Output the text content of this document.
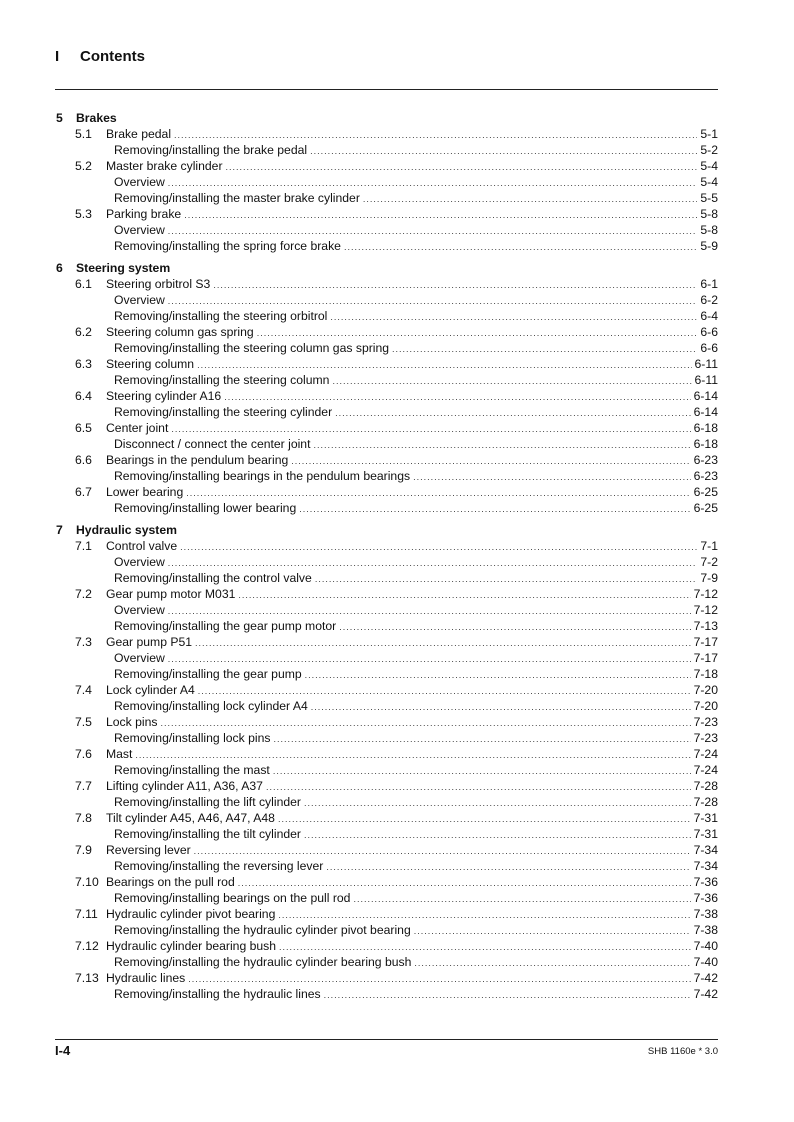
I Contents
5 Brakes
5.1	Brake pedal .....	5-1
Removing/installing the brake pedal .....	5-2
5.2	Master brake cylinder .....	5-4
Overview .....	5-4
Removing/installing the master brake cylinder .....	5-5
5.3	Parking brake .....	5-8
Overview .....	5-8
Removing/installing the spring force brake .....	5-9
6 Steering system
6.1	Steering orbitrol S3 .....	6-1
Overview .....	6-2
Removing/installing the steering orbitrol .....	6-4
6.2	Steering column gas spring .....	6-6
Removing/installing the steering column gas spring .....	6-6
6.3	Steering column .....	6-11
Removing/installing the steering column .....	6-11
6.4	Steering cylinder A16 .....	6-14
Removing/installing the steering cylinder .....	6-14
6.5	Center joint .....	6-18
Disconnect / connect the center joint .....	6-18
6.6	Bearings in the pendulum bearing .....	6-23
Removing/installing bearings in the pendulum bearings .....	6-23
6.7	Lower bearing .....	6-25
Removing/installing lower bearing .....	6-25
7 Hydraulic system
7.1	Control valve .....	7-1
Overview .....	7-2
Removing/installing the control valve .....	7-9
7.2	Gear pump motor M031 .....	7-12
Overview .....	7-12
Removing/installing the gear pump motor .....	7-13
7.3	Gear pump P51 .....	7-17
Overview .....	7-17
Removing/installing the gear pump .....	7-18
7.4	Lock cylinder A4 .....	7-20
Removing/installing lock cylinder A4 .....	7-20
7.5	Lock pins .....	7-23
Removing/installing lock pins .....	7-23
7.6	Mast .....	7-24
Removing/installing the mast .....	7-24
7.7	Lifting cylinder A11, A36, A37 .....	7-28
Removing/installing the lift cylinder .....	7-28
7.8	Tilt cylinder A45, A46, A47, A48 .....	7-31
Removing/installing the tilt cylinder .....	7-31
7.9	Reversing lever .....	7-34
Removing/installing the reversing lever .....	7-34
7.10 Bearings on the pull rod .....	7-36
Removing/installing bearings on the pull rod .....	7-36
7.11 Hydraulic cylinder pivot bearing .....	7-38
Removing/installing the hydraulic cylinder pivot bearing .....	7-38
7.12 Hydraulic cylinder bearing bush .....	7-40
Removing/installing the hydraulic cylinder bearing bush .....	7-40
7.13 Hydraulic lines .....	7-42
Removing/installing the hydraulic lines .....	7-42
I-4	SHB 1160e * 3.0
